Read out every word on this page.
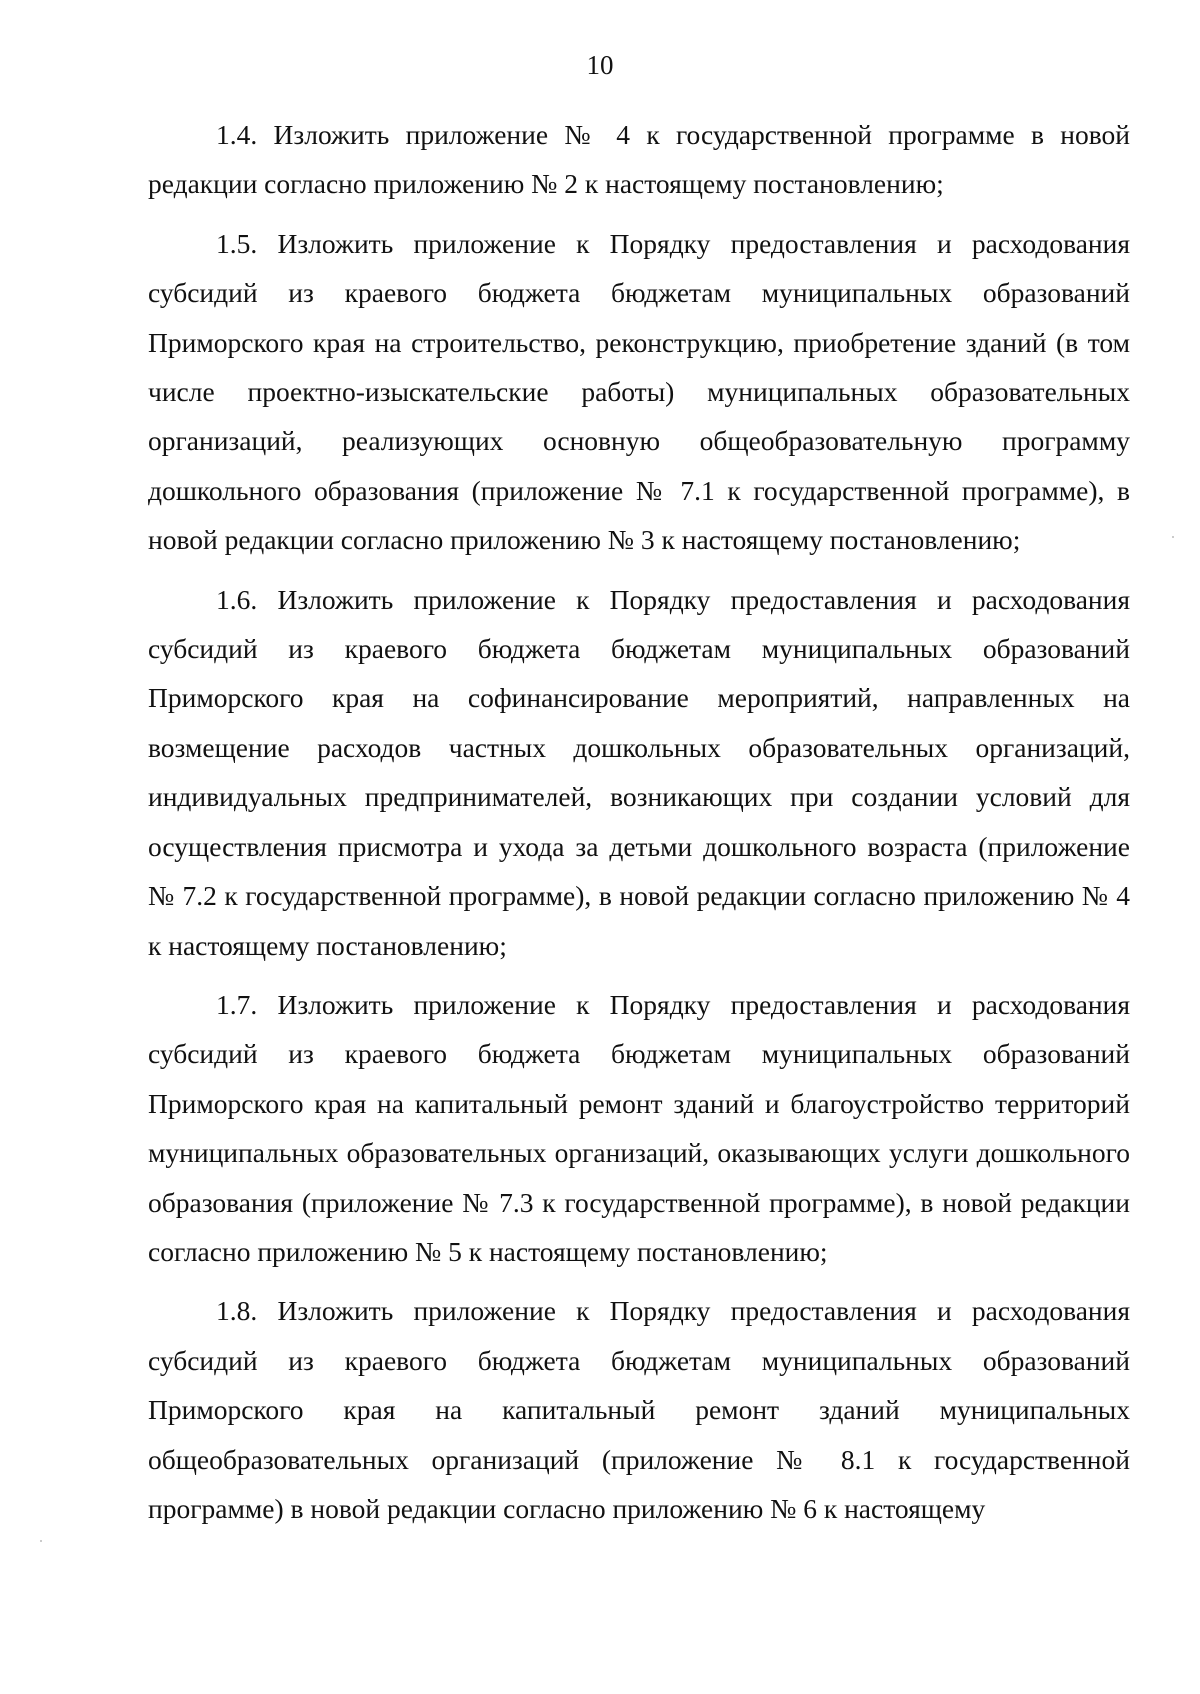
10

1.4. Изложить приложение № 4 к государственной программе в новой редакции согласно приложению № 2 к настоящему постановлению;

1.5. Изложить приложение к Порядку предоставления и расходования субсидий из краевого бюджета бюджетам муниципальных образований Приморского края на строительство, реконструкцию, приобретение зданий (в том числе проектно-изыскательские работы) муниципальных образовательных организаций, реализующих основную общеобразовательную программу дошкольного образования (приложение № 7.1 к государственной программе), в новой редакции согласно приложению № 3 к настоящему постановлению;

1.6. Изложить приложение к Порядку предоставления и расходования субсидий из краевого бюджета бюджетам муниципальных образований Приморского края на софинансирование мероприятий, направленных на возмещение расходов частных дошкольных образовательных организаций, индивидуальных предпринимателей, возникающих при создании условий для осуществления присмотра и ухода за детьми дошкольного возраста (приложение № 7.2 к государственной программе), в новой редакции согласно приложению № 4 к настоящему постановлению;

1.7. Изложить приложение к Порядку предоставления и расходования субсидий из краевого бюджета бюджетам муниципальных образований Приморского края на капитальный ремонт зданий и благоустройство территорий муниципальных образовательных организаций, оказывающих услуги дошкольного образования (приложение № 7.3 к государственной программе), в новой редакции согласно приложению № 5 к настоящему постановлению;

1.8. Изложить приложение к Порядку предоставления и расходования субсидий из краевого бюджета бюджетам муниципальных образований Приморского края на капитальный ремонт зданий муниципальных общеобразовательных организаций (приложение № 8.1 к государственной программе) в новой редакции согласно приложению № 6 к настоящему
